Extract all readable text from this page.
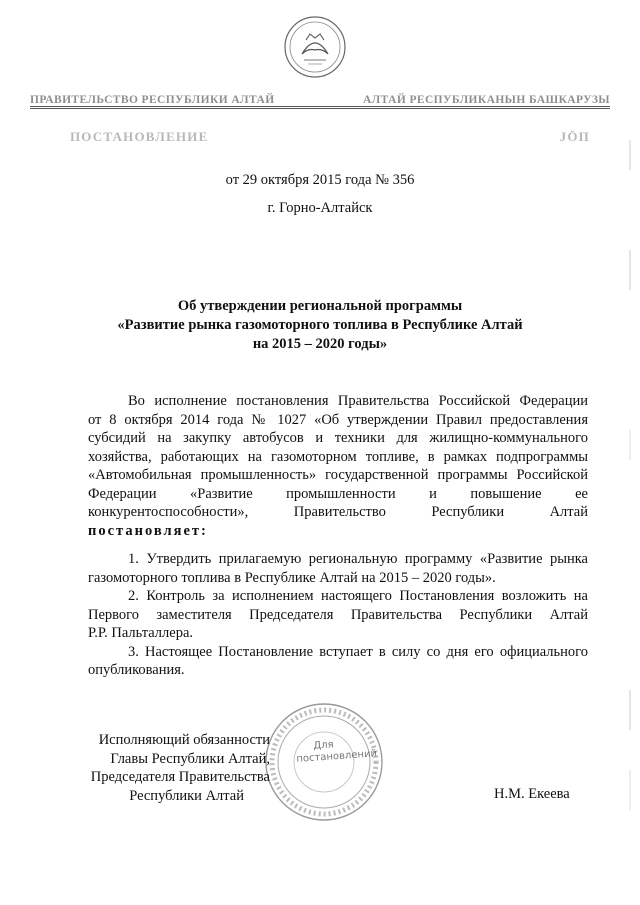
ПРАВИТЕЛЬСТВО РЕСПУБЛИКИ АЛТАЙ	АЛТАЙ РЕСПУБЛИКАНЫН БАШКАРУЗЫ
ПОСТАНОВЛЕНИЕ	ЈӦП
от 29 октября 2015 года № 356
г. Горно-Алтайск
Об утверждении региональной программы
«Развитие рынка газомоторного топлива в Республике Алтай
на 2015 – 2020 годы»
Во исполнение постановления Правительства Российской Федерации
от 8 октября 2014 года № 1027 «Об утверждении Правил предоставления
субсидий на закупку автобусов и техники для жилищно-коммунального
хозяйства, работающих на газомоторном топливе, в рамках подпрограммы
«Автомобильная промышленность» государственной программы Российской
Федерации «Развитие промышленности и повышение ее
конкурентоспособности», Правительство Республики Алтай
постановляет:
1. Утвердить прилагаемую региональную программу «Развитие рынка
газомоторного топлива в Республике Алтай на 2015 – 2020 годы».
2. Контроль за исполнением настоящего Постановления возложить на
Первого заместителя Председателя Правительства Республики Алтай
Р.Р. Пальталлера.
3. Настоящее Постановление вступает в силу со дня его официального
опубликования.
Для
постановлений
Исполняющий обязанности
Главы Республики Алтай,
Председателя Правительства
Республики Алтай	Н.М. Екеева
